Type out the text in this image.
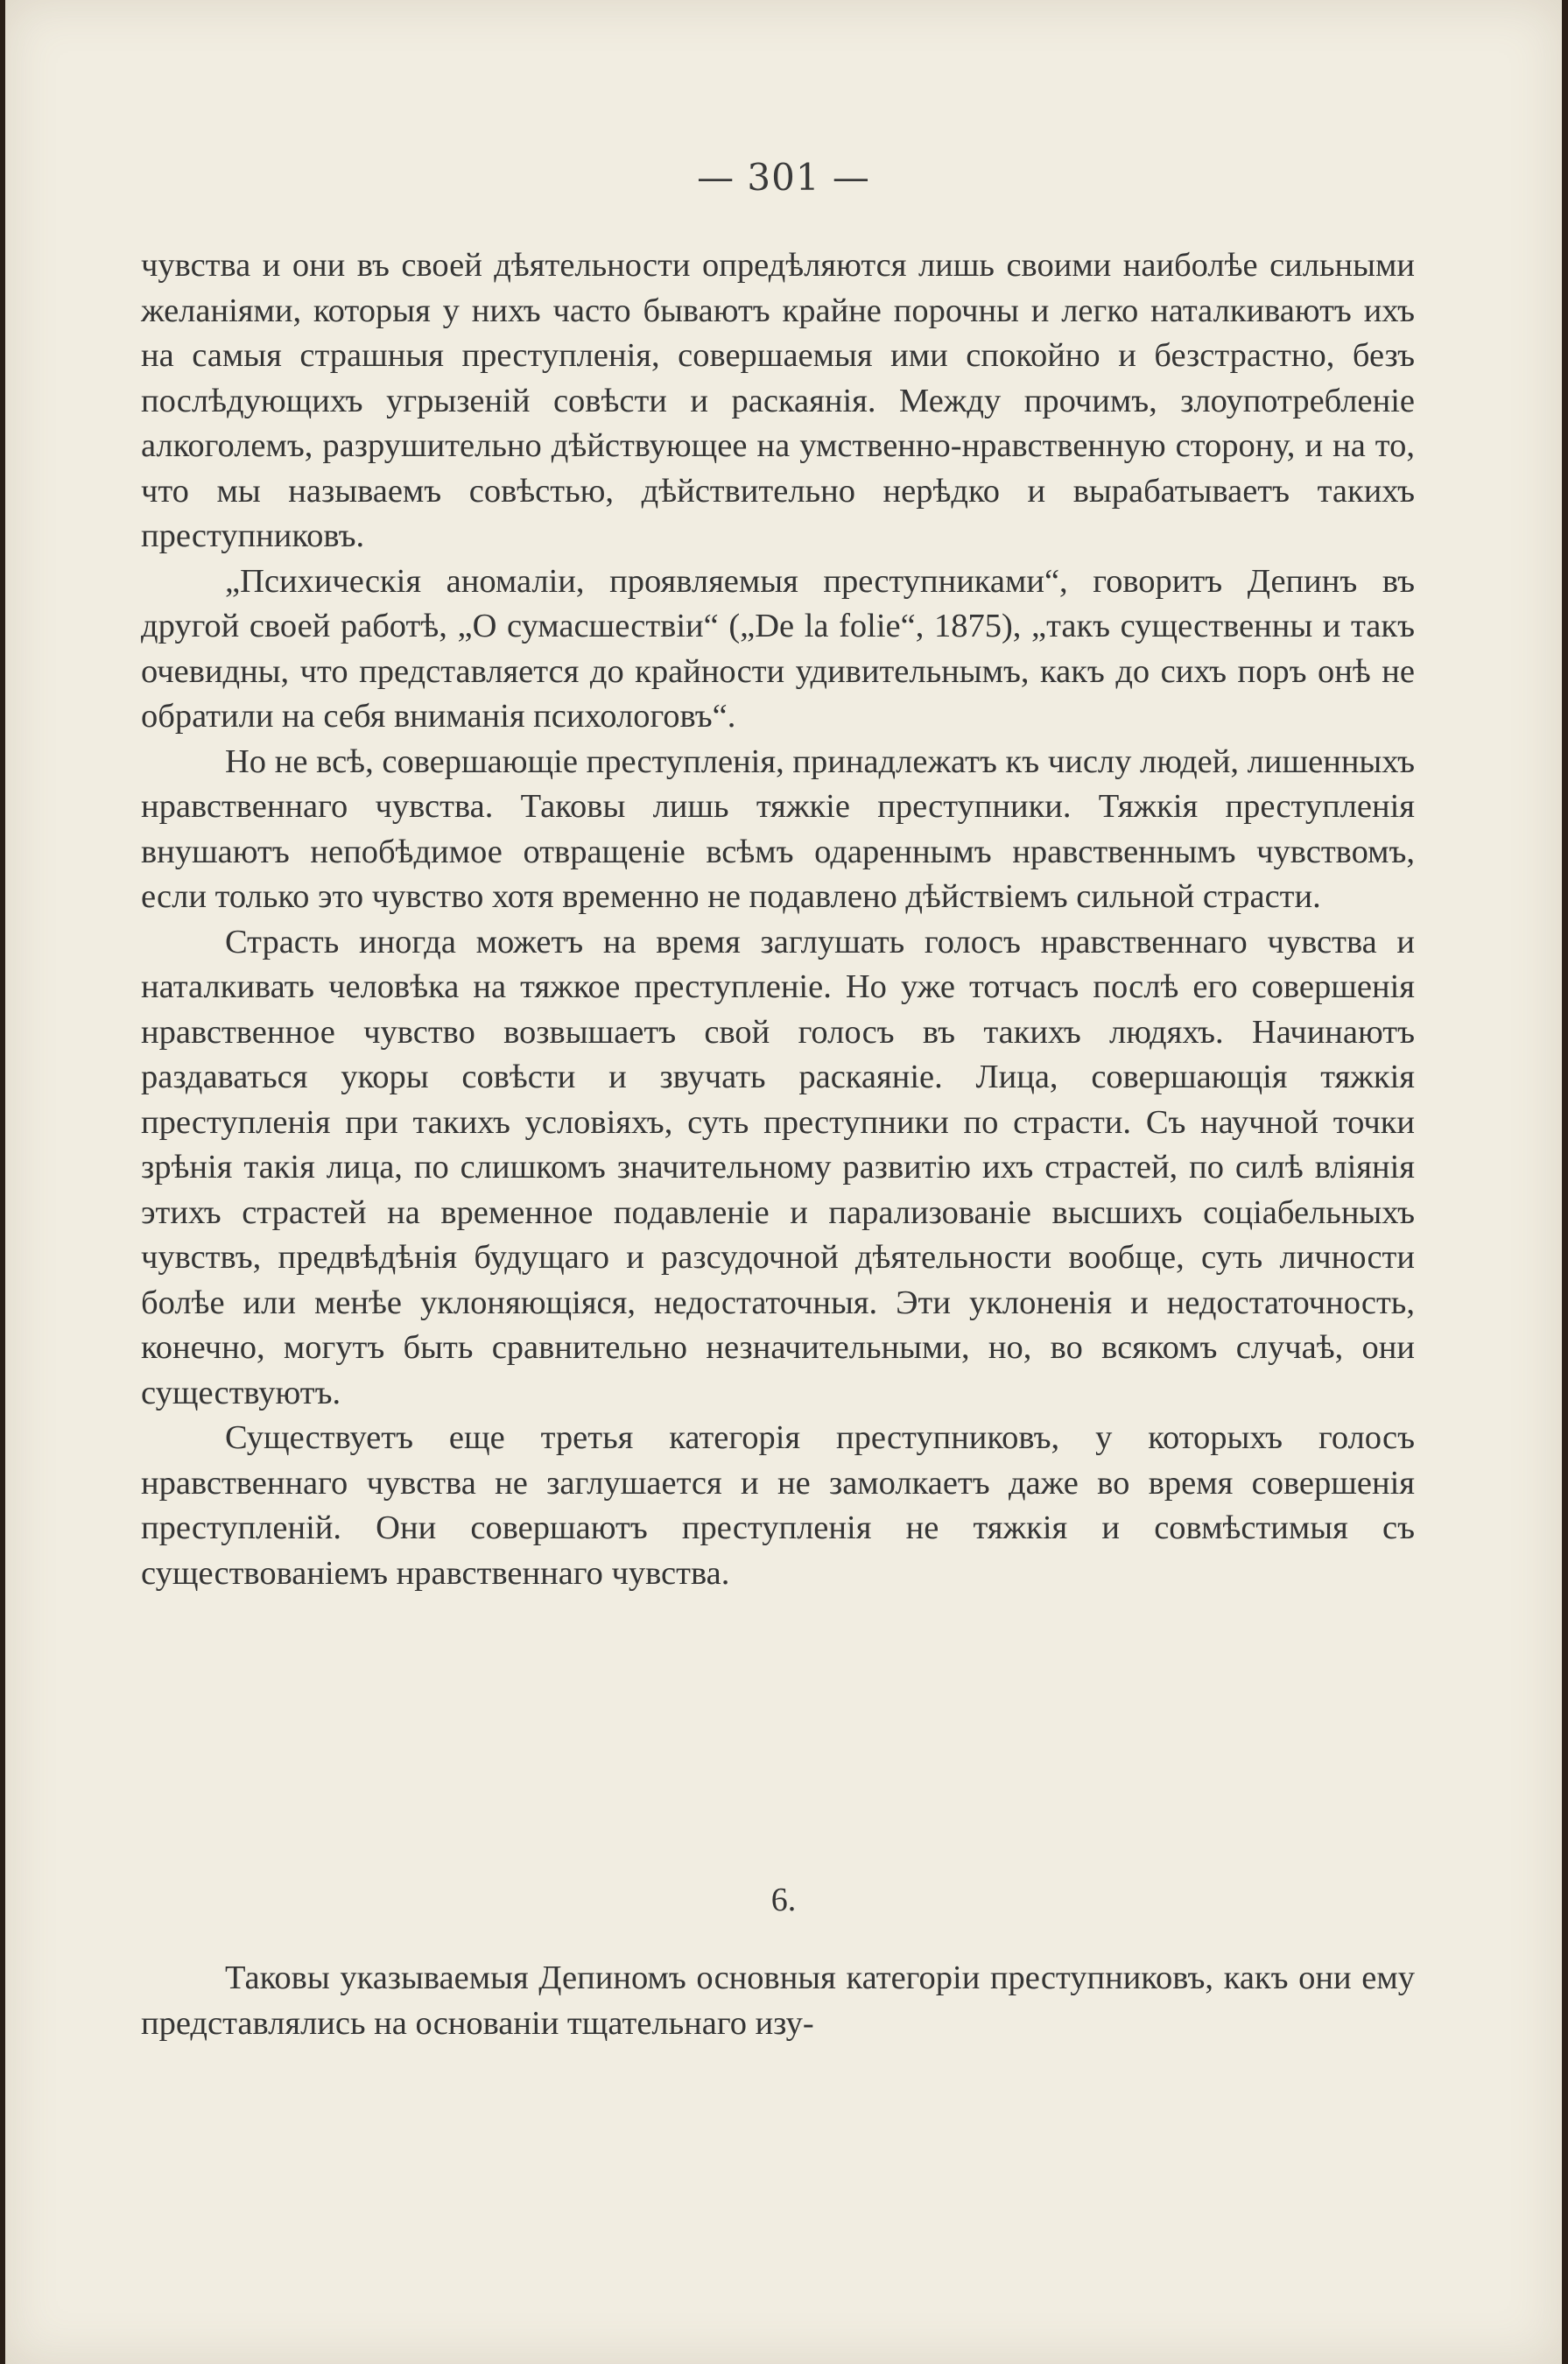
— 301 —

чувства и они въ своей дѣятельности опредѣляются лишь своими наиболѣе сильными желаніями, которыя у нихъ часто бываютъ крайне порочны и легко наталкиваютъ ихъ на самыя страшныя преступленія, совершаемыя ими спокойно и безстрастно, безъ послѣдующихъ угрызеній совѣсти и раскаянія. Между прочимъ, злоупотребленіе алкоголемъ, разрушительно дѣйствующее на умственно-нравственную сторону, и на то, что мы называемъ совѣстью, дѣйствительно нерѣдко и вырабатываетъ такихъ преступниковъ.

„Психическія аномаліи, проявляемыя преступниками“, говоритъ Депинъ въ другой своей работѣ, „О сумасшествіи“ („De la folie“, 1875), „такъ существенны и такъ очевидны, что представляется до крайности удивительнымъ, какъ до сихъ поръ онѣ не обратили на себя вниманія психологовъ“.

Но не всѣ, совершающіе преступленія, принадлежатъ къ числу людей, лишенныхъ нравственнаго чувства. Таковы лишь тяжкіе преступники. Тяжкія преступленія внушаютъ непобѣдимое отвращеніе всѣмъ одареннымъ нравственнымъ чувствомъ, если только это чувство хотя временно не подавлено дѣйствіемъ сильной страсти.

Страсть иногда можетъ на время заглушать голосъ нравственнаго чувства и наталкивать человѣка на тяжкое преступленіе. Но уже тотчасъ послѣ его совершенія нравственное чувство возвышаетъ свой голосъ въ такихъ людяхъ. Начинаютъ раздаваться укоры совѣсти и звучать раскаяніе. Лица, совершающія тяжкія преступленія при такихъ условіяхъ, суть преступники по страсти. Съ научной точки зрѣнія такія лица, по слишкомъ значительному развитію ихъ страстей, по силѣ вліянія этихъ страстей на временное подавленіе и парализованіе высшихъ соціабельныхъ чувствъ, предвѣдѣнія будущаго и разсудочной дѣятельности вообще, суть личности болѣе или менѣе уклоняющіяся, недостаточныя. Эти уклоненія и недостаточность, конечно, могутъ быть сравнительно незначительными, но, во всякомъ случаѣ, они существуютъ.

Существуетъ еще третья категорія преступниковъ, у которыхъ голосъ нравственнаго чувства не заглушается и не замолкаетъ даже во время совершенія преступленій. Они совершаютъ преступленія не тяжкія и совмѣстимыя съ существованіемъ нравственнаго чувства.

6.

Таковы указываемыя Депиномъ основныя категоріи преступниковъ, какъ они ему представлялись на основаніи тщательнаго изу-
